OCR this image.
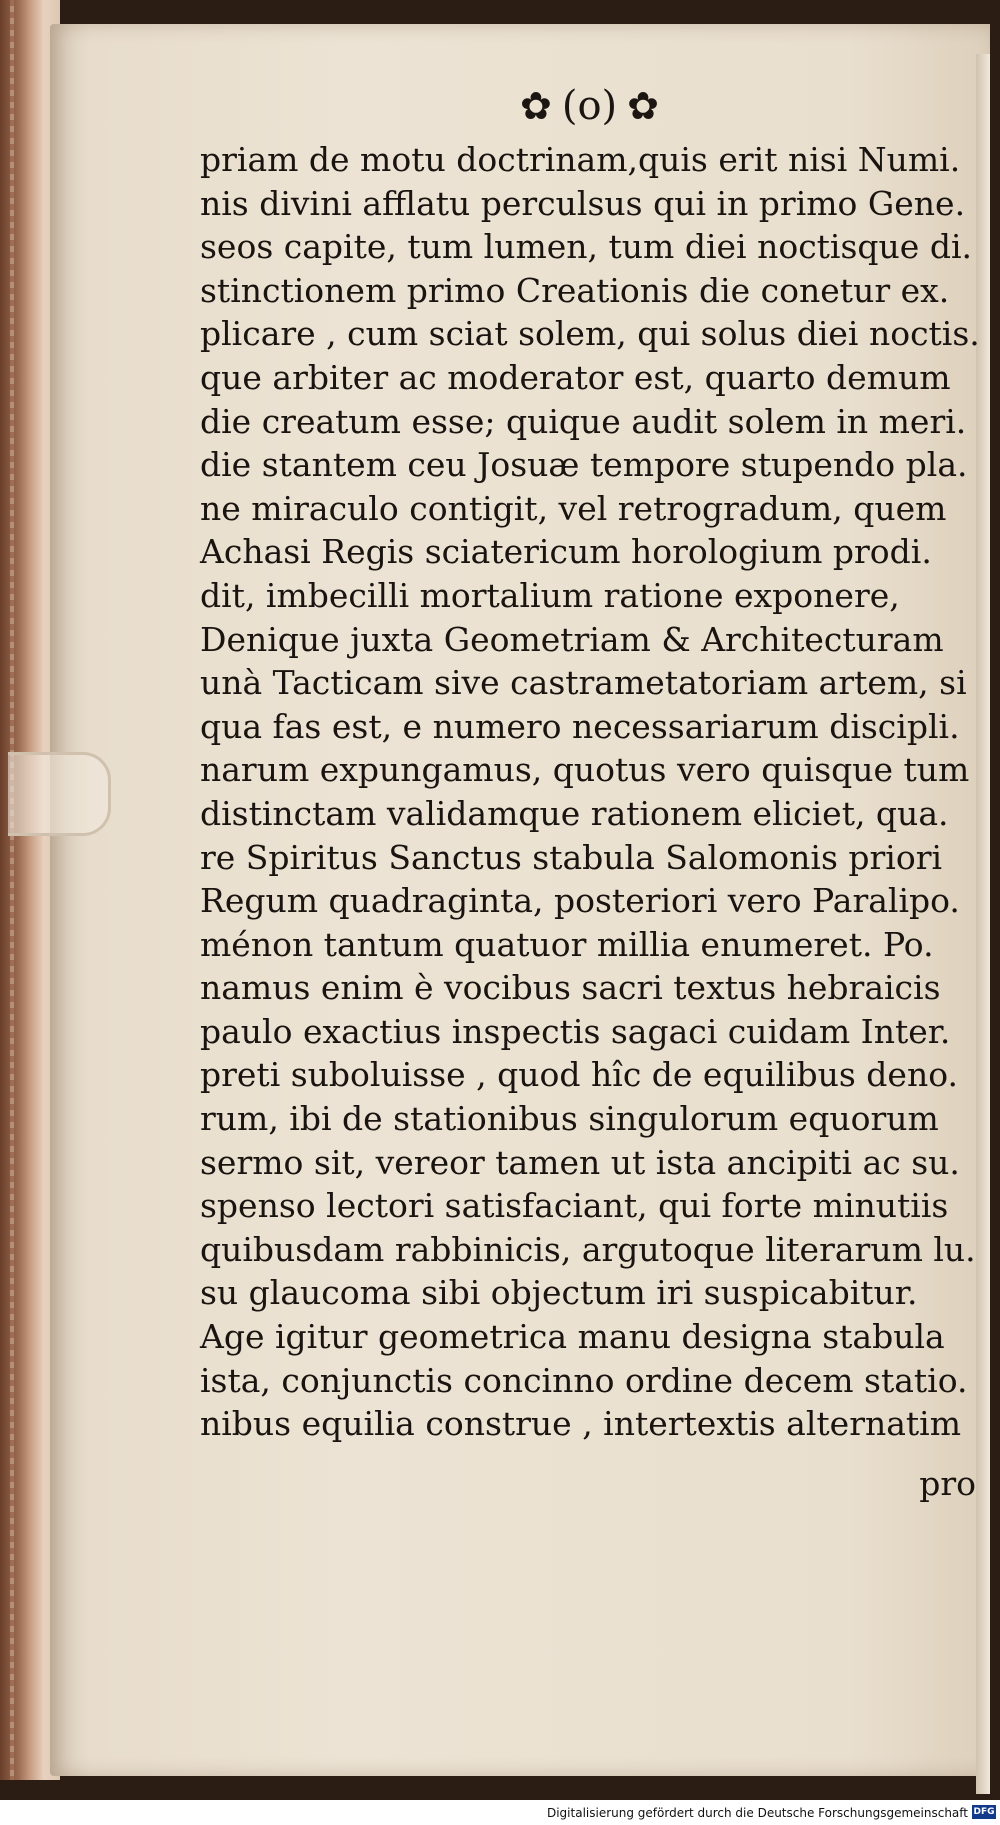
✿ (o) ✿
priam de motu doctrinam,quis erit nisi Numi.
nis divini afflatu perculsus qui in primo Gene.
seos capite, tum lumen, tum diei noctisque di.
stinctionem primo Creationis die conetur ex.
plicare , cum sciat solem, qui solus diei noctis.
que arbiter ac moderator est, quarto demum
die creatum esse; quique audit solem in meri.
die stantem ceu Josuæ tempore stupendo pla.
ne miraculo contigit, vel retrogradum, quem
Achasi Regis sciatericum horologium prodi.
dit, imbecilli mortalium ratione exponere,
Denique juxta Geometriam & Architecturam
unà Tacticam sive castrametatoriam artem, si
qua fas est, e numero necessariarum discipli.
narum expungamus, quotus vero quisque tum
distinctam validamque rationem eliciet, qua.
re Spiritus Sanctus stabula Salomonis priori
Regum quadraginta, posteriori vero Paralipo.
ménon tantum quatuor millia enumeret. Po.
namus enim è vocibus sacri textus hebraicis
paulo exactius inspectis sagaci cuidam Inter.
preti suboluisse , quod hîc de equilibus deno.
rum, ibi de stationibus singulorum equorum
sermo sit, vereor tamen ut ista ancipiti ac su.
spenso lectori satisfaciant, qui forte minutiis
quibusdam rabbinicis, argutoque literarum lu.
su glaucoma sibi objectum iri suspicabitur.
Age igitur geometrica manu designa stabula
ista, conjunctis concinno ordine decem statio.
nibus equilia construe , intertextis alternatim
pro
Digitalisierung gefördert durch die Deutsche Forschungsgemeinschaft DFG
